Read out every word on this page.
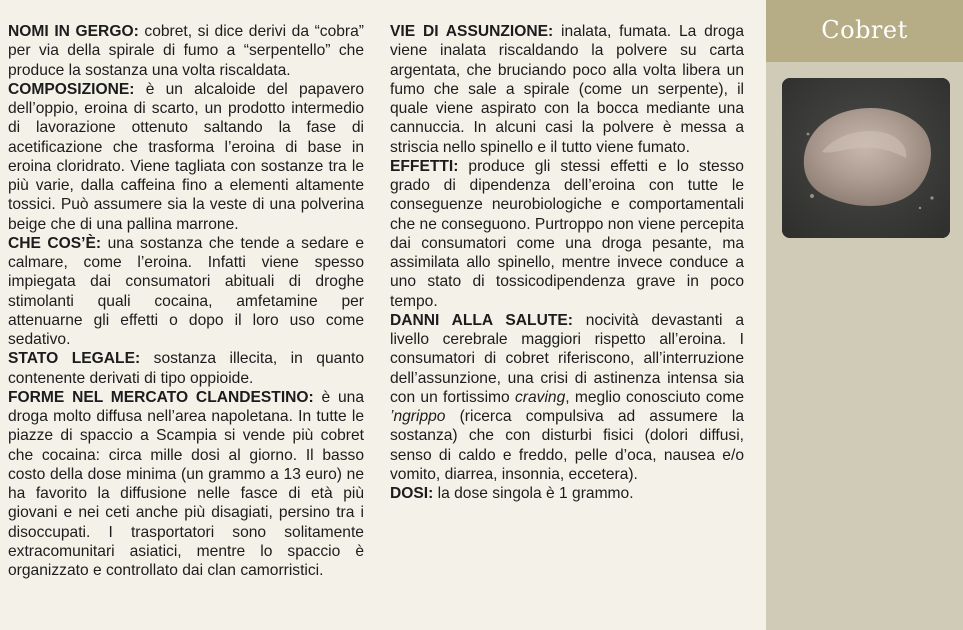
NOMI IN GERGO: cobret, si dice derivi da “cobra” per via della spirale di fumo a “serpentello” che produce la sostanza una volta riscaldata.

COMPOSIZIONE: è un alcaloide del papavero dell’oppio, eroina di scarto, un prodotto intermedio di lavorazione ottenuto saltando la fase di acetificazione che trasforma l’eroina di base in eroina cloridrato. Viene tagliata con sostanze tra le più varie, dalla caffeina fino a elementi altamente tossici. Può assumere sia la veste di una polverina beige che di una pallina marrone.

CHE COS’È: una sostanza che tende a sedare e calmare, come l’eroina. Infatti viene spesso impiegata dai consumatori abituali di droghe stimolanti quali cocaina, amfetamine per attenuarne gli effetti o dopo il loro uso come sedativo.

STATO LEGALE: sostanza illecita, in quanto contenente derivati di tipo oppioide.

FORME NEL MERCATO CLANDESTINO: è una droga molto diffusa nell’area napoletana. In tutte le piazze di spaccio a Scampia si vende più cobret che cocaina: circa mille dosi al giorno. Il basso costo della dose minima (un grammo a 13 euro) ne ha favorito la diffusione nelle fasce di età più giovani e nei ceti anche più disagiati, persino tra i disoccupati. I trasportatori sono solitamente extracomunitari asiatici, mentre lo spaccio è organizzato e controllato dai clan camorristici.

VIE DI ASSUNZIONE: inalata, fumata. La droga viene inalata riscaldando la polvere su carta argentata, che bruciando poco alla volta libera un fumo che sale a spirale (come un serpente), il quale viene aspirato con la bocca mediante una cannuccia. In alcuni casi la polvere è messa a striscia nello spinello e il tutto viene fumato.

EFFETTI: produce gli stessi effetti e lo stesso grado di dipendenza dell’eroina con tutte le conseguenze neurobiologiche e comportamentali che ne conseguono. Purtroppo non viene percepita dai consumatori come una droga pesante, ma assimilata allo spinello, mentre invece conduce a uno stato di tossicodipendenza grave in poco tempo.

DANNI ALLA SALUTE: nocività devastanti a livello cerebrale maggiori rispetto all’eroina. I consumatori di cobret riferiscono, all’interruzione dell’assunzione, una crisi di astinenza intensa sia con un fortissimo craving, meglio conosciuto come ’ngrippo (ricerca compulsiva ad assumere la sostanza) che con disturbi fisici (dolori diffusi, senso di caldo e freddo, pelle d’oca, nausea e/o vomito, diarrea, insonnia, eccetera).

DOSI: la dose singola è 1 grammo.

Cobret
